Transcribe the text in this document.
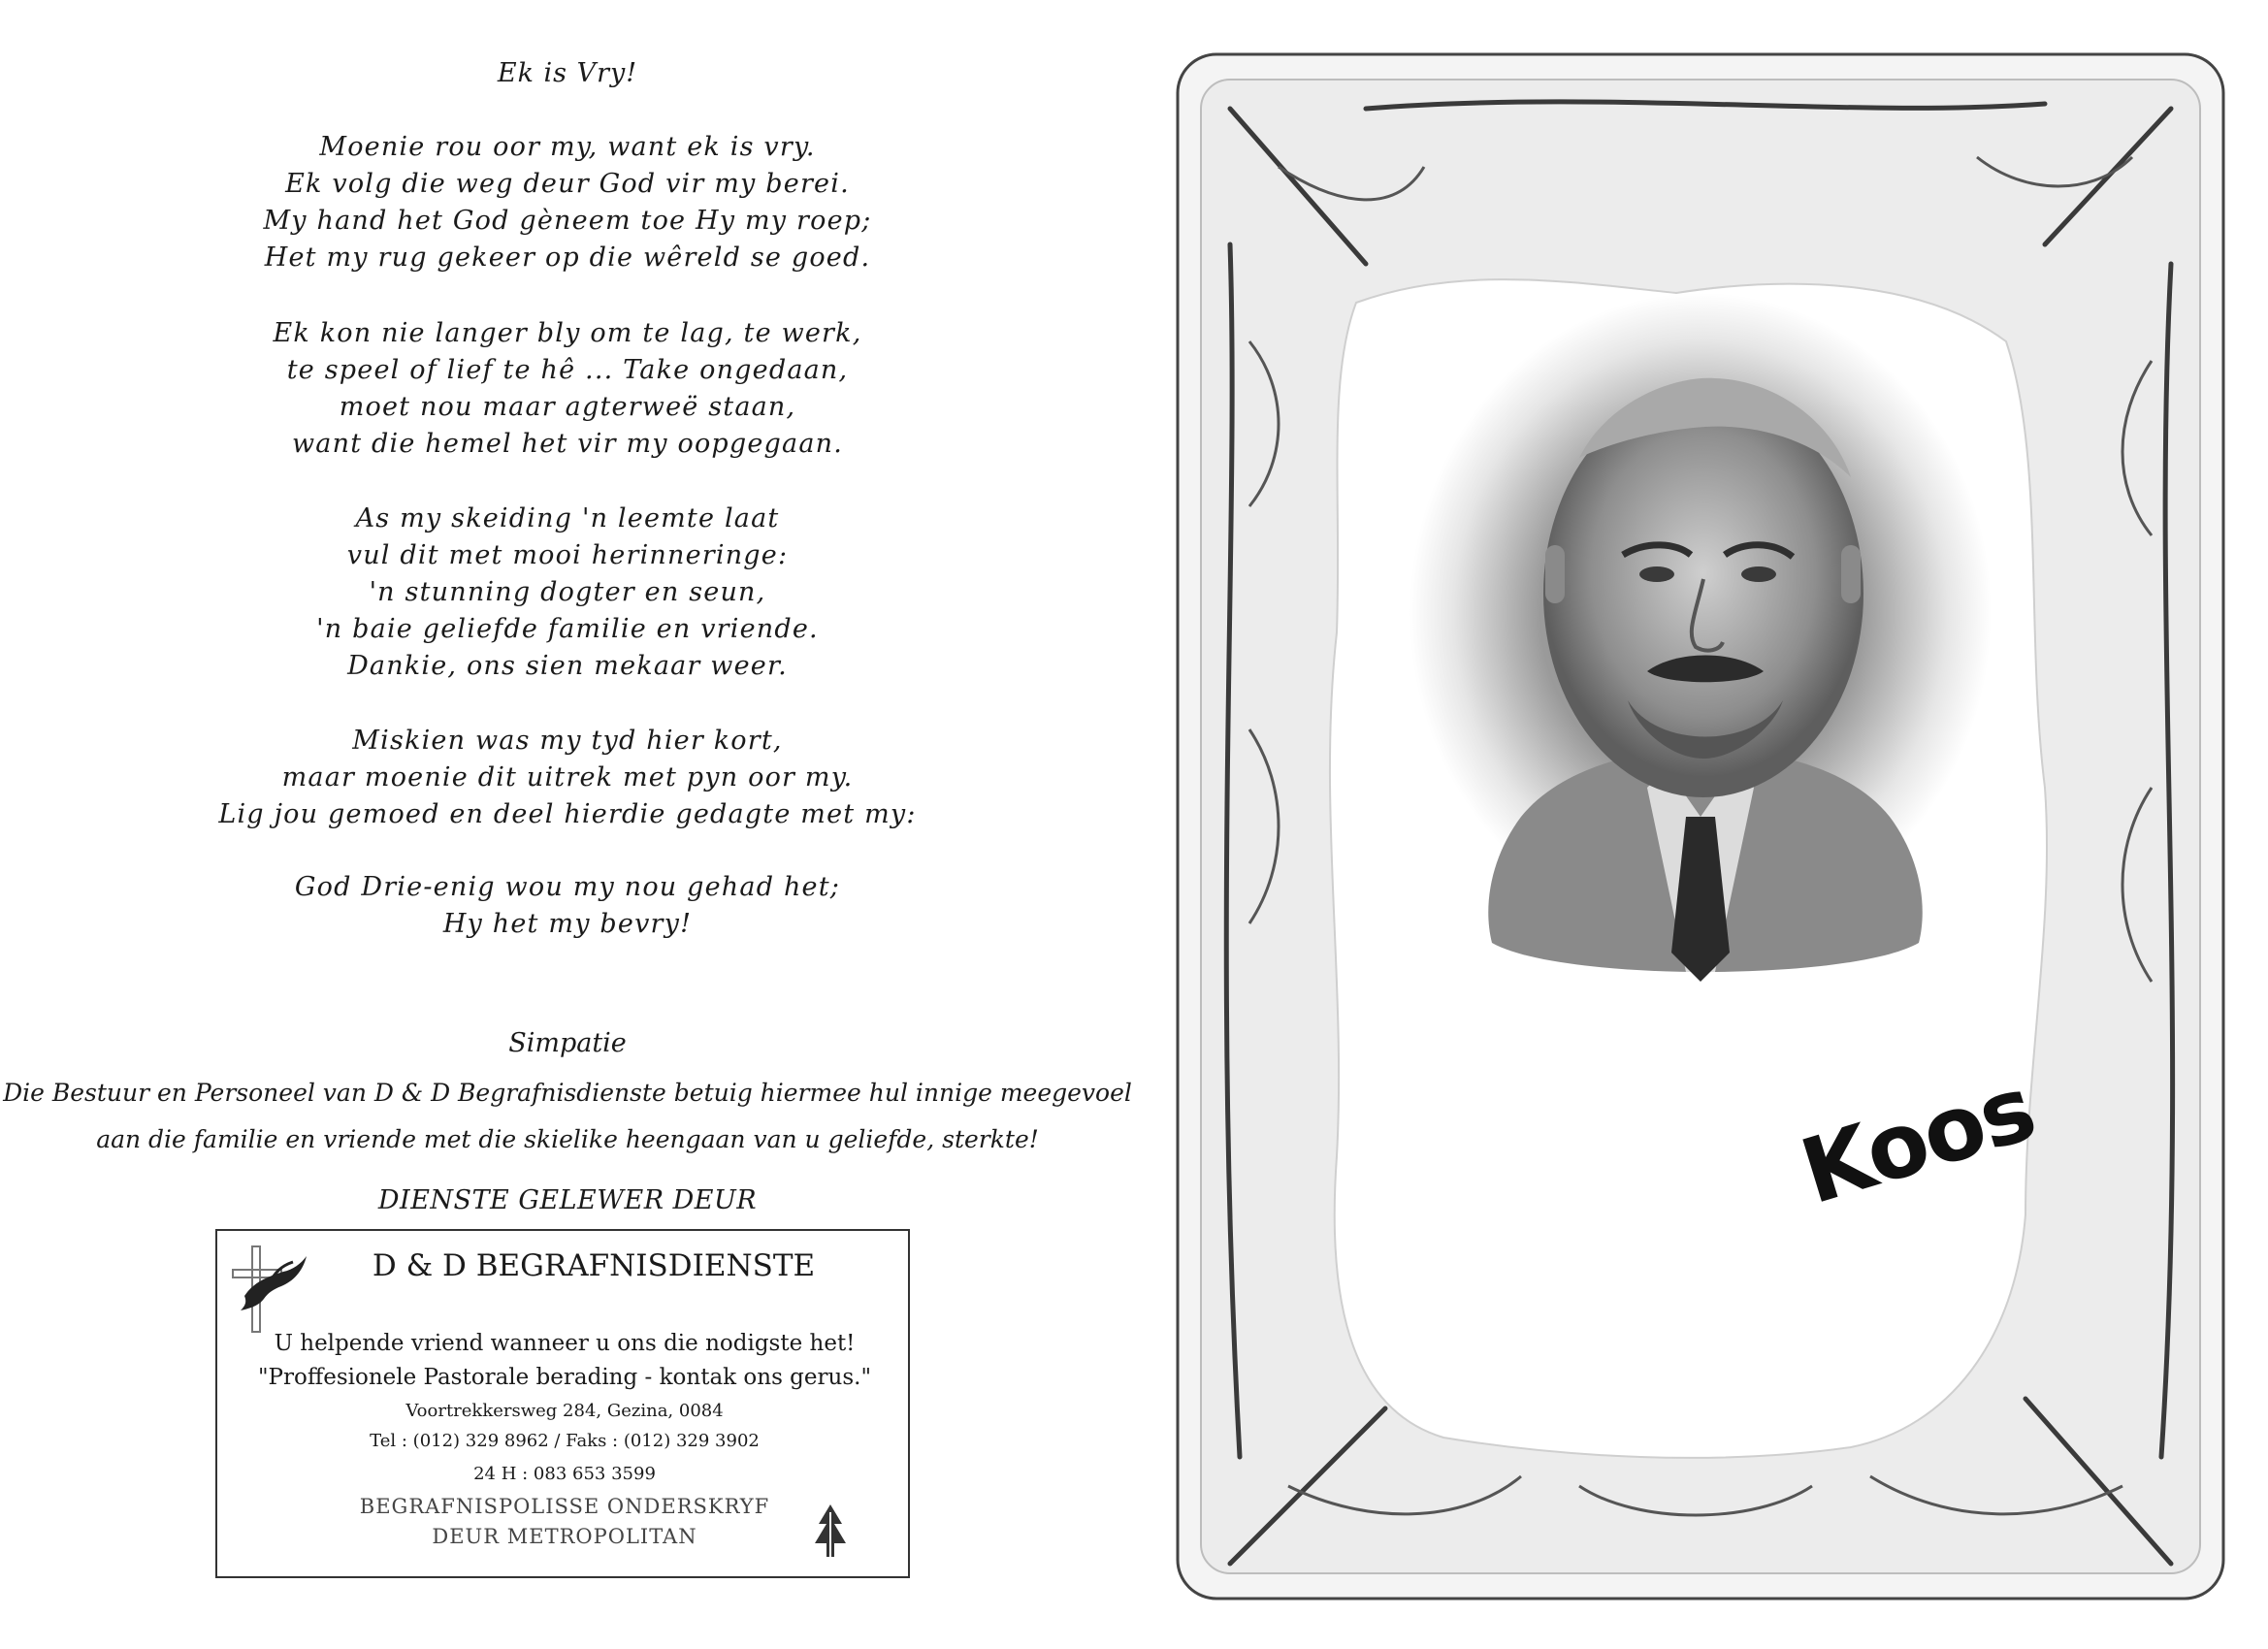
Ek is Vry!
Moenie rou oor my, want ek is vry.
Ek volg die weg deur God vir my berei.
My hand het God gèneem toe Hy my roep;
Het my rug gekeer op die wêreld se goed.
Ek kon nie langer bly om te lag, te werk,
te speel of lief te hê ... Take ongedaan,
moet nou maar agterweë staan,
want die hemel het vir my oopgegaan.
As my skeiding 'n leemte laat
vul dit met mooi herinneringe:
'n stunning dogter en seun,
'n baie geliefde familie en vriende.
Dankie, ons sien mekaar weer.
Miskien was my tyd hier kort,
maar moenie dit uitrek met pyn oor my.
Lig jou gemoed en deel hierdie gedagte met my:
God Drie-enig wou my nou gehad het;
Hy het my bevry!
Simpatie
Die Bestuur en Personeel van D & D Begrafnisdienste betuig hiermee hul innige meegevoel
aan die familie en vriende met die skielike heengaan van u geliefde, sterkte!
DIENSTE GELEWER DEUR
D & D BEGRAFNISDIENSTE
U helpende vriend wanneer u ons die nodigste het!
"Proffesionele Pastorale berading - kontak ons gerus."
Voortrekkersweg 284, Gezina, 0084
Tel : (012) 329 8962 / Faks : (012) 329 3902
24 H : 083 653 3599
BEGRAFNISPOLISSE ONDERSKRYF
DEUR METROPOLITAN
Koos
